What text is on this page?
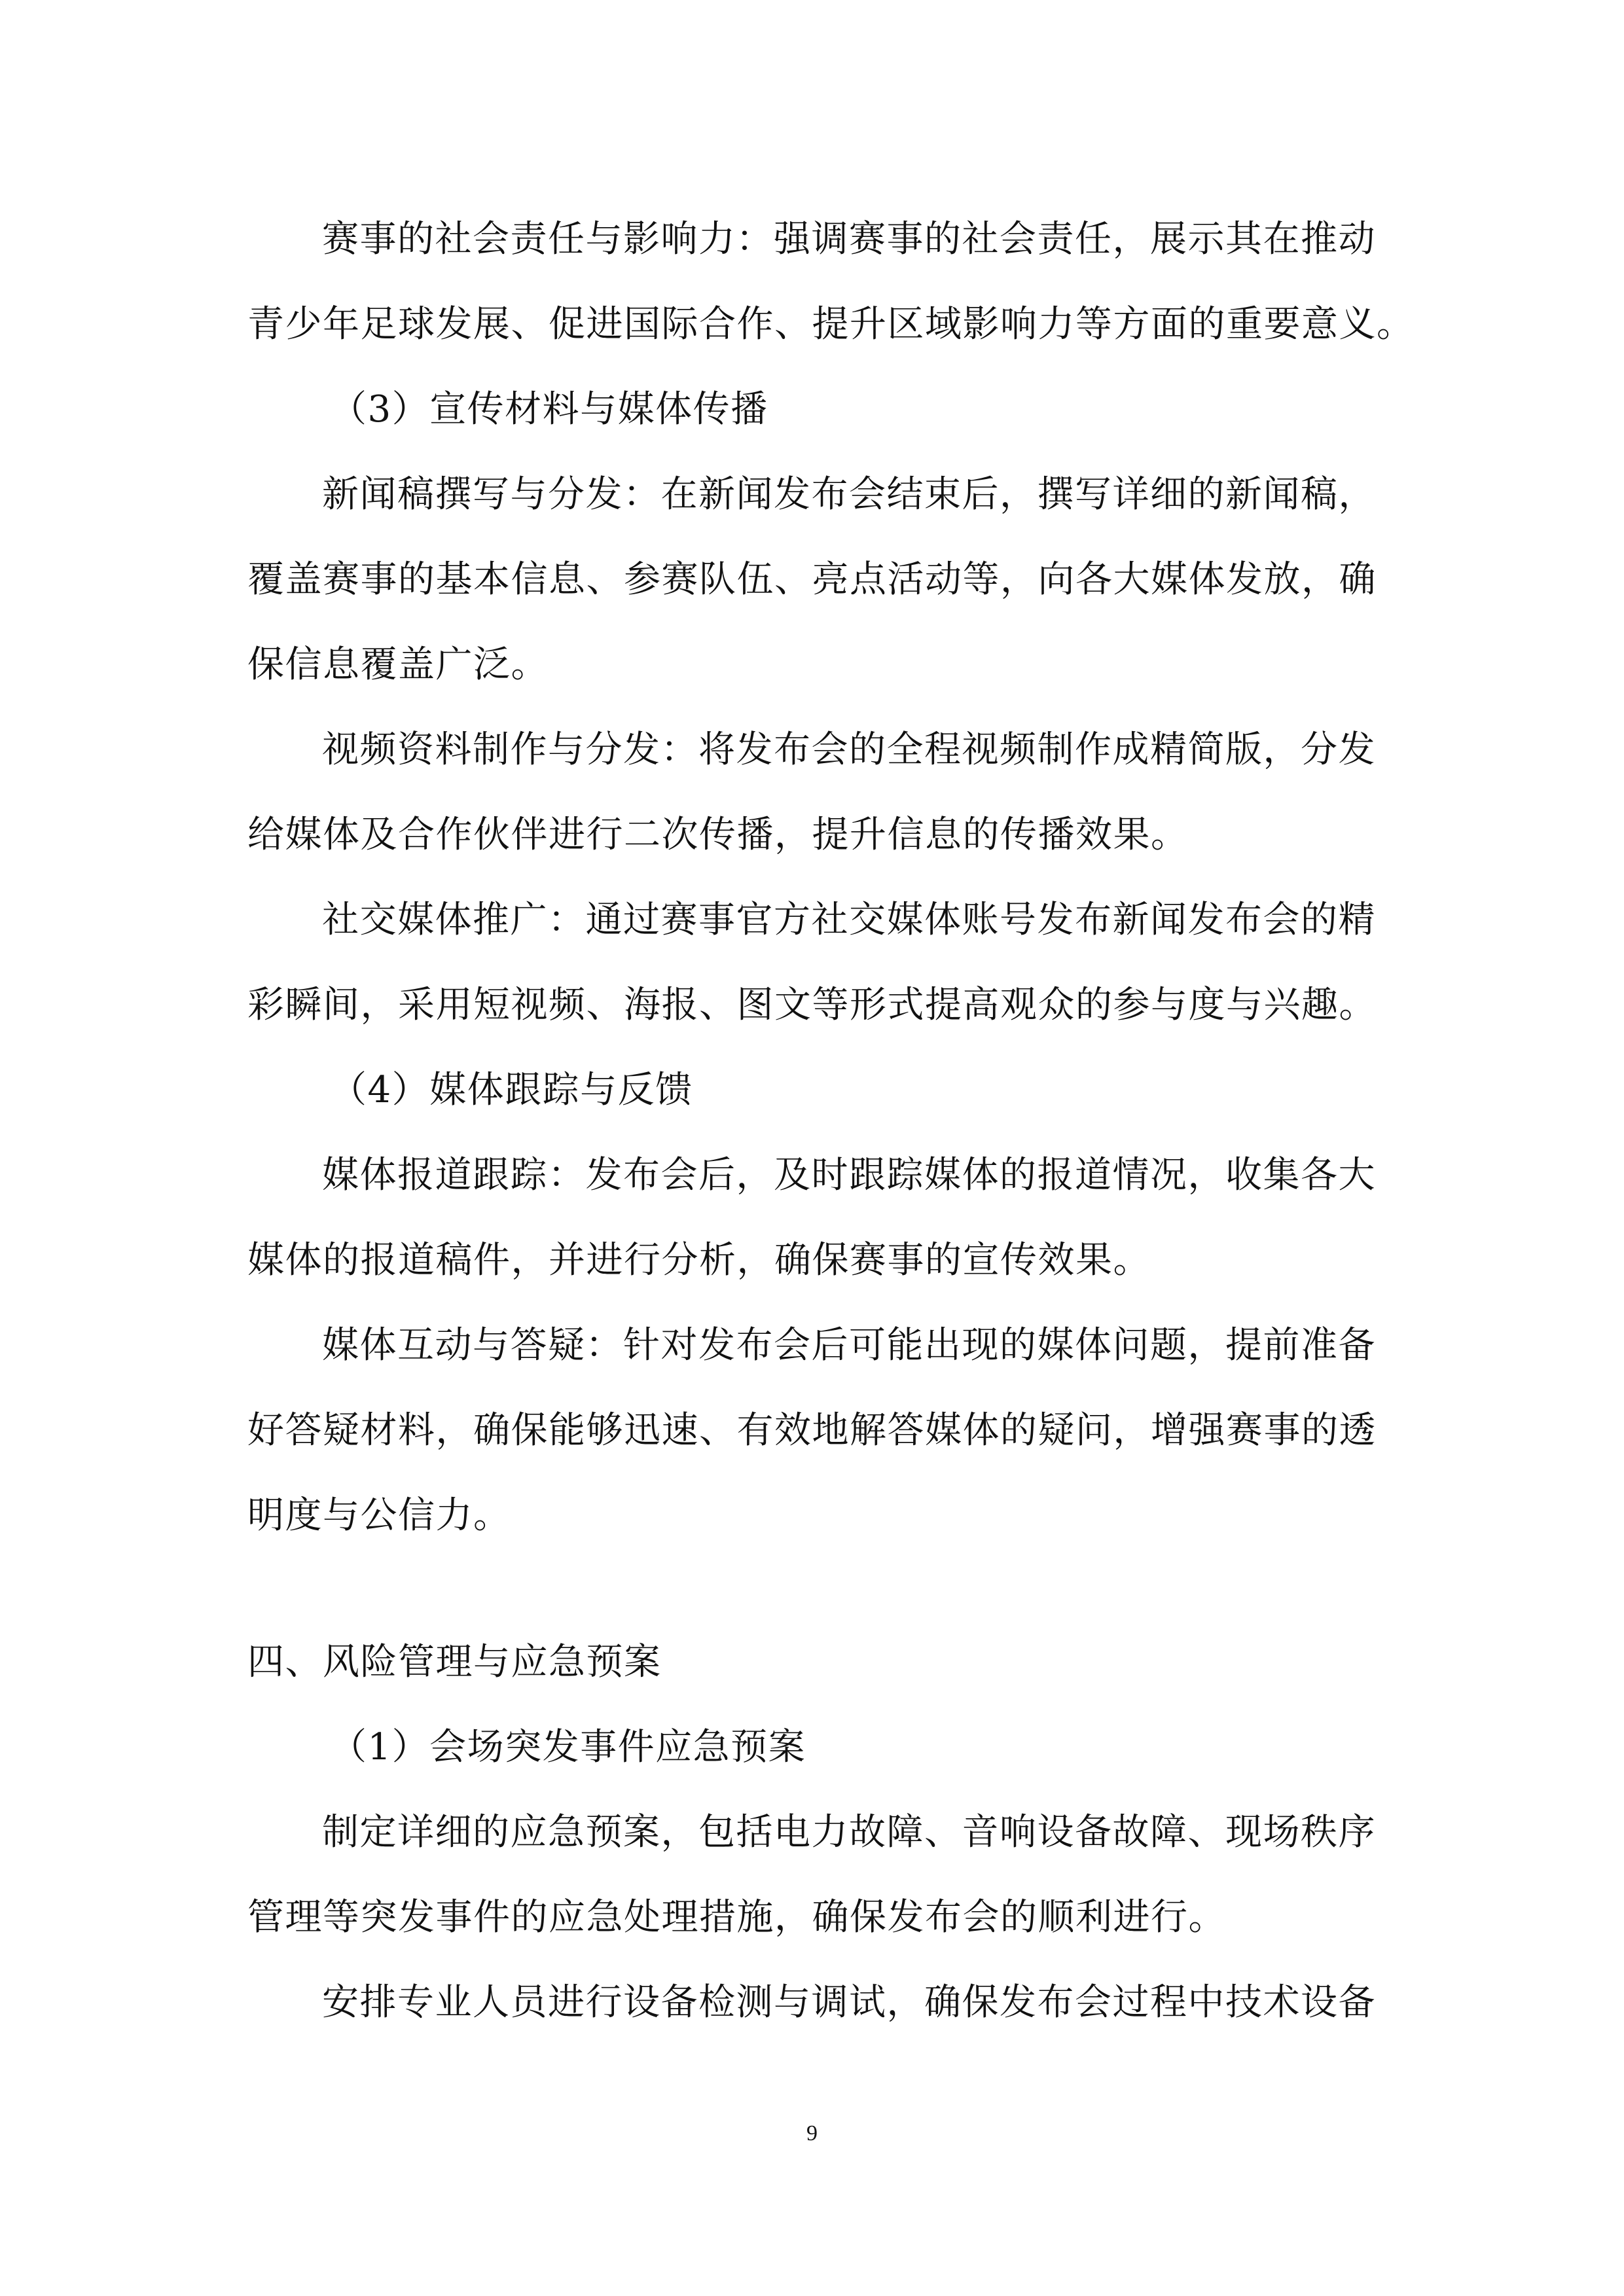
赛事的社会责任与影响力：强调赛事的社会责任，展示其在推动
青少年足球发展、促进国际合作、提升区域影响力等方面的重要意义。
（3）宣传材料与媒体传播
新闻稿撰写与分发：在新闻发布会结束后，撰写详细的新闻稿，
覆盖赛事的基本信息、参赛队伍、亮点活动等，向各大媒体发放，确
保信息覆盖广泛。
视频资料制作与分发：将发布会的全程视频制作成精简版，分发
给媒体及合作伙伴进行二次传播，提升信息的传播效果。
社交媒体推广：通过赛事官方社交媒体账号发布新闻发布会的精
彩瞬间，采用短视频、海报、图文等形式提高观众的参与度与兴趣。
（4）媒体跟踪与反馈
媒体报道跟踪：发布会后，及时跟踪媒体的报道情况，收集各大
媒体的报道稿件，并进行分析，确保赛事的宣传效果。
媒体互动与答疑：针对发布会后可能出现的媒体问题，提前准备
好答疑材料，确保能够迅速、有效地解答媒体的疑问，增强赛事的透
明度与公信力。
四、风险管理与应急预案
（1）会场突发事件应急预案
制定详细的应急预案，包括电力故障、音响设备故障、现场秩序
管理等突发事件的应急处理措施，确保发布会的顺利进行。
安排专业人员进行设备检测与调试，确保发布会过程中技术设备
9
